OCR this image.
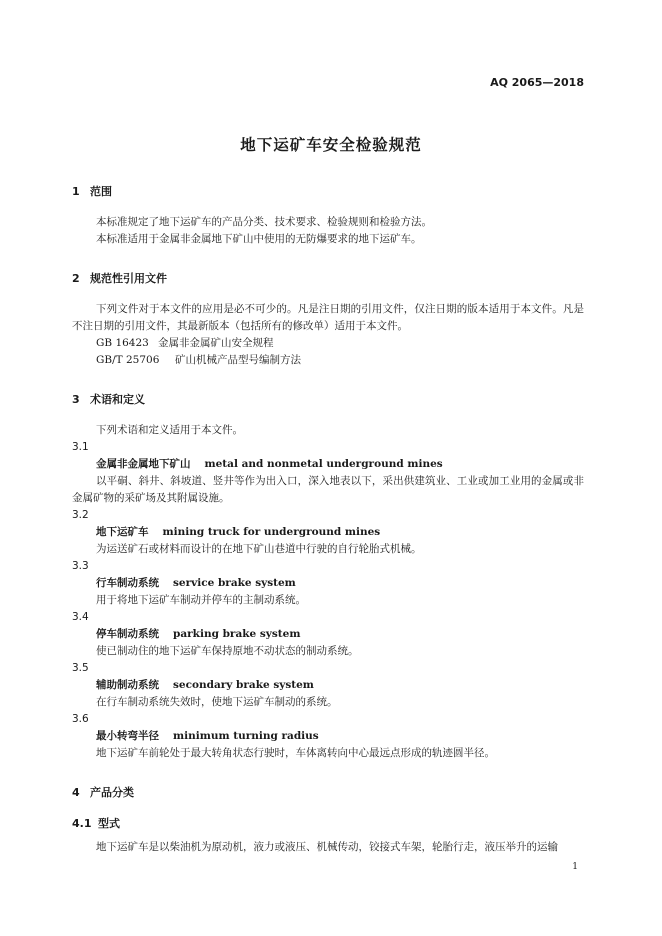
AQ 2065—2018
地下运矿车安全检验规范
1 范围
本标准规定了地下运矿车的产品分类、技术要求、检验规则和检验方法。
本标准适用于金属非金属地下矿山中使用的无防爆要求的地下运矿车。
2 规范性引用文件
下列文件对于本文件的应用是必不可少的。凡是注日期的引用文件，仅注日期的版本适用于本文件。凡是不注日期的引用文件，其最新版本（包括所有的修改单）适用于本文件。
GB 16423 金属非金属矿山安全规程
GB/T 25706 矿山机械产品型号编制方法
3 术语和定义
下列术语和定义适用于本文件。
3.1
金属非金属地下矿山 metal and nonmetal underground mines
以平硐、斜井、斜坡道、竖井等作为出入口，深入地表以下，采出供建筑业、工业或加工业用的金属或非金属矿物的采矿场及其附属设施。
3.2
地下运矿车 mining truck for underground mines
为运送矿石或材料而设计的在地下矿山巷道中行驶的自行轮胎式机械。
3.3
行车制动系统 service brake system
用于将地下运矿车制动并停车的主制动系统。
3.4
停车制动系统 parking brake system
使已制动住的地下运矿车保持原地不动状态的制动系统。
3.5
辅助制动系统 secondary brake system
在行车制动系统失效时，使地下运矿车制动的系统。
3.6
最小转弯半径 minimum turning radius
地下运矿车前轮处于最大转角状态行驶时，车体离转向中心最远点形成的轨迹圆半径。
4 产品分类
4.1 型式
地下运矿车是以柴油机为原动机，液力或液压、机械传动，铰接式车架，轮胎行走，液压举升的运输
1
